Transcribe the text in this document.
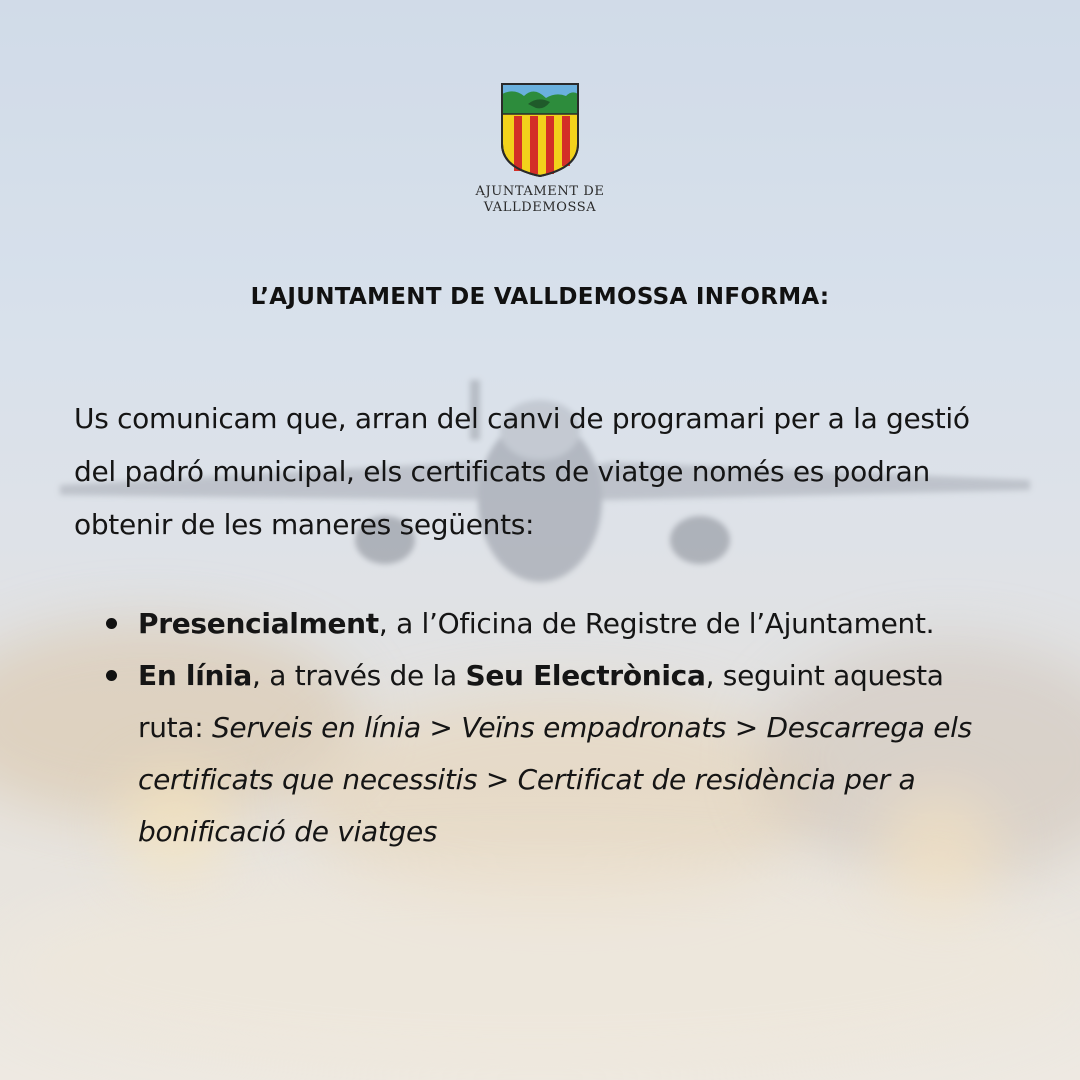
AJUNTAMENT DE
VALLDEMOSSA
L’AJUNTAMENT DE VALLDEMOSSA INFORMA:
Us comunicam que, arran del canvi de programari per a la gestió del padró municipal, els certificats de viatge només es podran obtenir de les maneres següents:
Presencialment, a l’Oficina de Registre de l’Ajuntament.
En línia, a través de la Seu Electrònica, seguint aquesta ruta: Serveis en línia > Veïns empadronats > Descarrega els certificats que necessitis > Certificat de residència per a bonificació de viatges
